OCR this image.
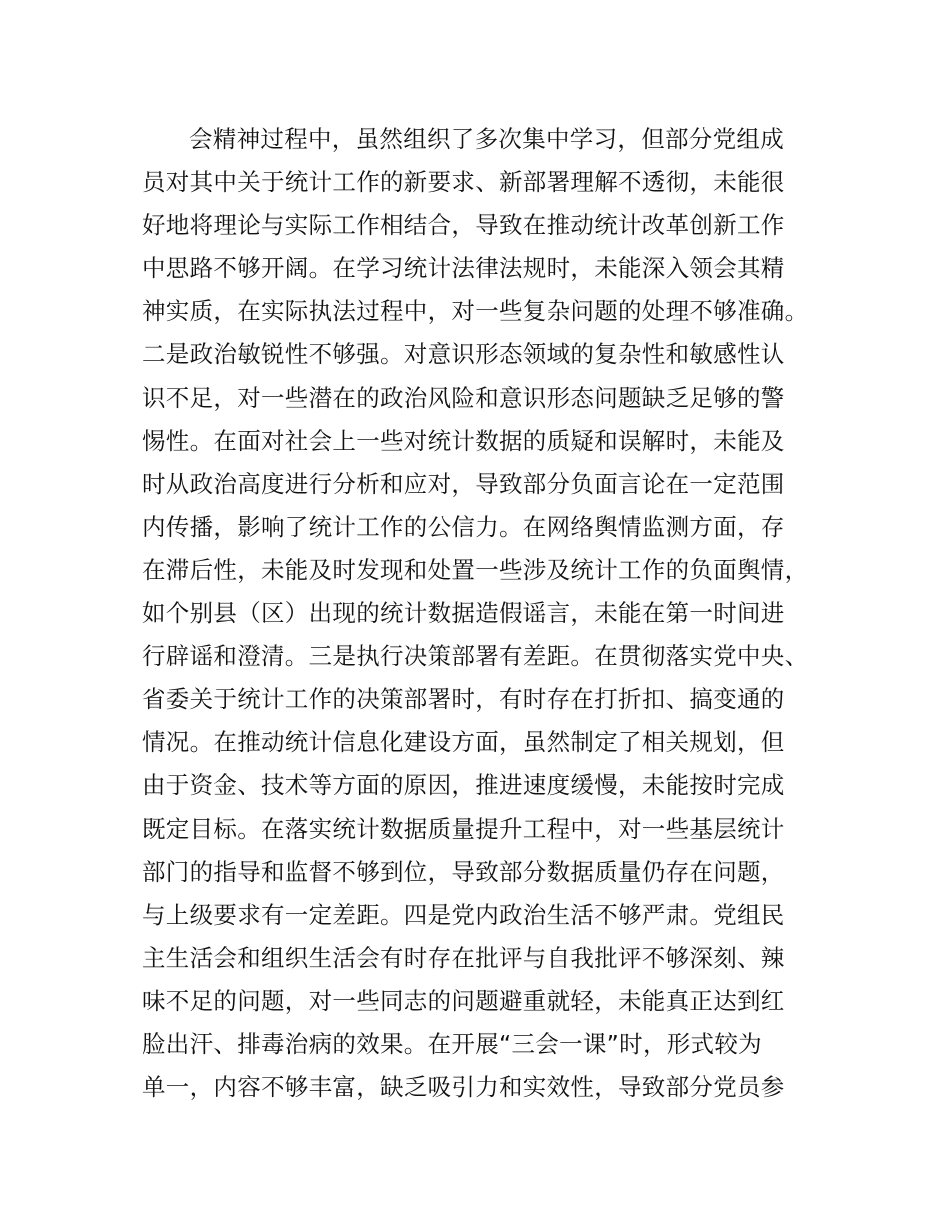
会精神过程中，虽然组织了多次集中学习，但部分党组成
员对其中关于统计工作的新要求、新部署理解不透彻，未能很
好地将理论与实际工作相结合，导致在推动统计改革创新工作
中思路不够开阔。在学习统计法律法规时，未能深入领会其精
神实质，在实际执法过程中，对一些复杂问题的处理不够准确。
二是政治敏锐性不够强。对意识形态领域的复杂性和敏感性认
识不足，对一些潜在的政治风险和意识形态问题缺乏足够的警
惕性。在面对社会上一些对统计数据的质疑和误解时，未能及
时从政治高度进行分析和应对，导致部分负面言论在一定范围
内传播，影响了统计工作的公信力。在网络舆情监测方面，存
在滞后性，未能及时发现和处置一些涉及统计工作的负面舆情，
如个别县（区）出现的统计数据造假谣言，未能在第一时间进
行辟谣和澄清。三是执行决策部署有差距。在贯彻落实党中央、
省委关于统计工作的决策部署时，有时存在打折扣、搞变通的
情况。在推动统计信息化建设方面，虽然制定了相关规划，但
由于资金、技术等方面的原因，推进速度缓慢，未能按时完成
既定目标。在落实统计数据质量提升工程中，对一些基层统计
部门的指导和监督不够到位，导致部分数据质量仍存在问题，
与上级要求有一定差距。四是党内政治生活不够严肃。党组民
主生活会和组织生活会有时存在批评与自我批评不够深刻、辣
味不足的问题，对一些同志的问题避重就轻，未能真正达到红
脸出汗、排毒治病的效果。在开展“三会一课”时，形式较为
单一，内容不够丰富，缺乏吸引力和实效性，导致部分党员参
